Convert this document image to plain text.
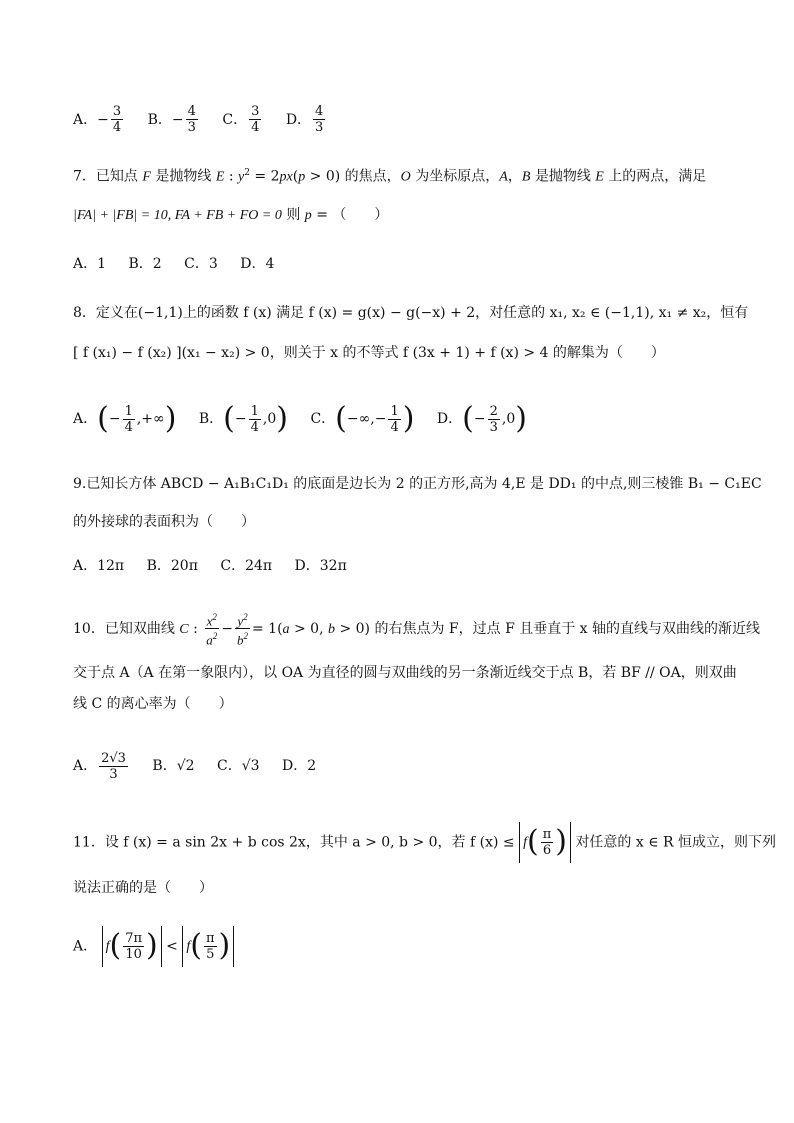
A．− $\frac{3}{4}$ B．− $\frac{4}{3}$ C． $\frac{3}{4}$ D． $\frac{4}{3}$
7．已知点 F 是抛物线 E : $y^2 = 2px(p > 0)$ 的焦点，O 为坐标原点，A，B 是抛物线 E 上的两点，满足
|FA| + |FB| = 10, FA + FB + FO = 0 则 p = （　　）
A．1 B．2 C．3 D．4
8．定义在(−1,1)上的函数 f (x) 满足 f (x) = g(x) − g(−x) + 2，对任意的 x₁, x₂ ∈ (−1,1), x₁ ≠ x₂，恒有
[ f (x₁) − f (x₂) ](x₁ − x₂) > 0，则关于 x 的不等式 f (3x + 1) + f (x) > 4 的解集为（　　）
A．(− $\frac{1}{4}$ ,+∞) B．(− $\frac{1}{4} ,0$) C．(−∞,− $\frac{1}{4}$ ) D．(− $\frac{2}{3} ,0$)
9.已知长方体 ABCD − A₁B₁C₁D₁ 的底面是边长为 2 的正方形,高为 4,E 是 DD₁ 的中点,则三棱锥 B₁ − C₁EC
的外接球的表面积为（　　）
A．12π B．20π C．24π D．32π
10．已知双曲线 C : $\frac{x^2}{a^2} - \frac{y^2}{b^2} = 1(a > 0$, b > 0) 的右焦点为 F，过点 F 且垂直于 x 轴的直线与双曲线的渐近线
交于点 A（A 在第一象限内），以 OA 为直径的圆与双曲线的另一条渐近线交于点 B，若 BF // OA，则双曲
线 C 的离心率为（　　）
A． $\frac{2√3}{3}$ B．√2 C．√3 D．2
11．设 f (x) = a sin 2x + b cos 2x，其中 a > 0, b > 0，若 f $(x) \le f( \frac{\pi}{6}$ ) 对任意的 x ∈ R 恒成立，则下列
说法正确的是（　　）
A． $f( \frac{7\pi}{10}$ ) < $f( \frac{\pi}{5}$ )
